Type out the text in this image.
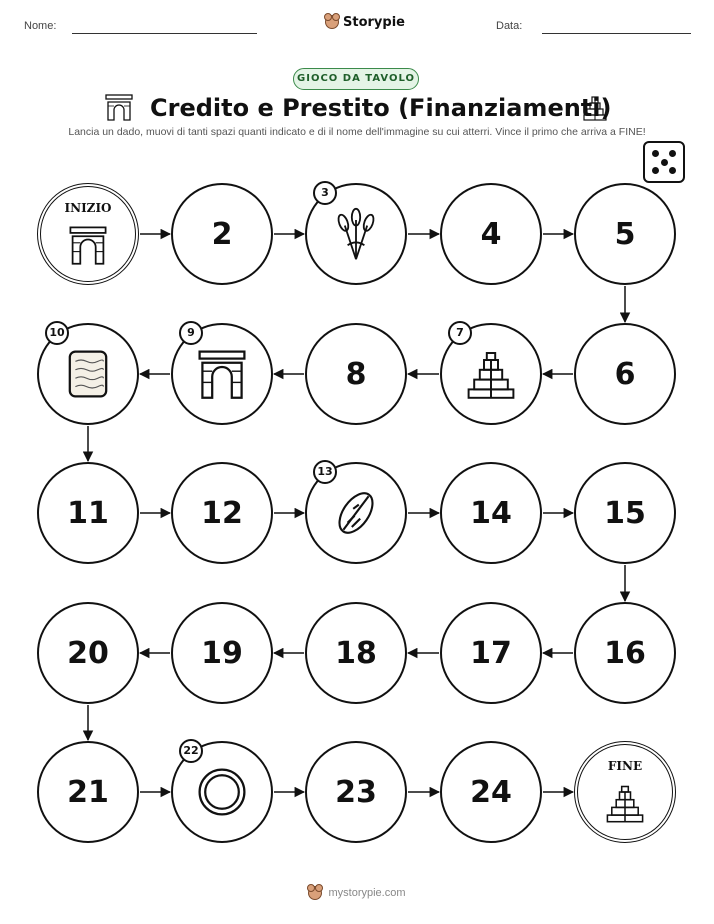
Nome:	Data:
Storypie
GIOCO DA TAVOLO
Credito e Prestito (Finanziamenti)
Lancia un dado, muovi di tanti spazi quanti indicato e di il nome dell'immagine su cui atterri. Vince il primo che arriva a FINE!
INIZIO
2
3
4	5
6
7
8
9
10
11	12
13
14	15
16
17
18
19
20
21
22
23	24
FINE
mystorypie.com
